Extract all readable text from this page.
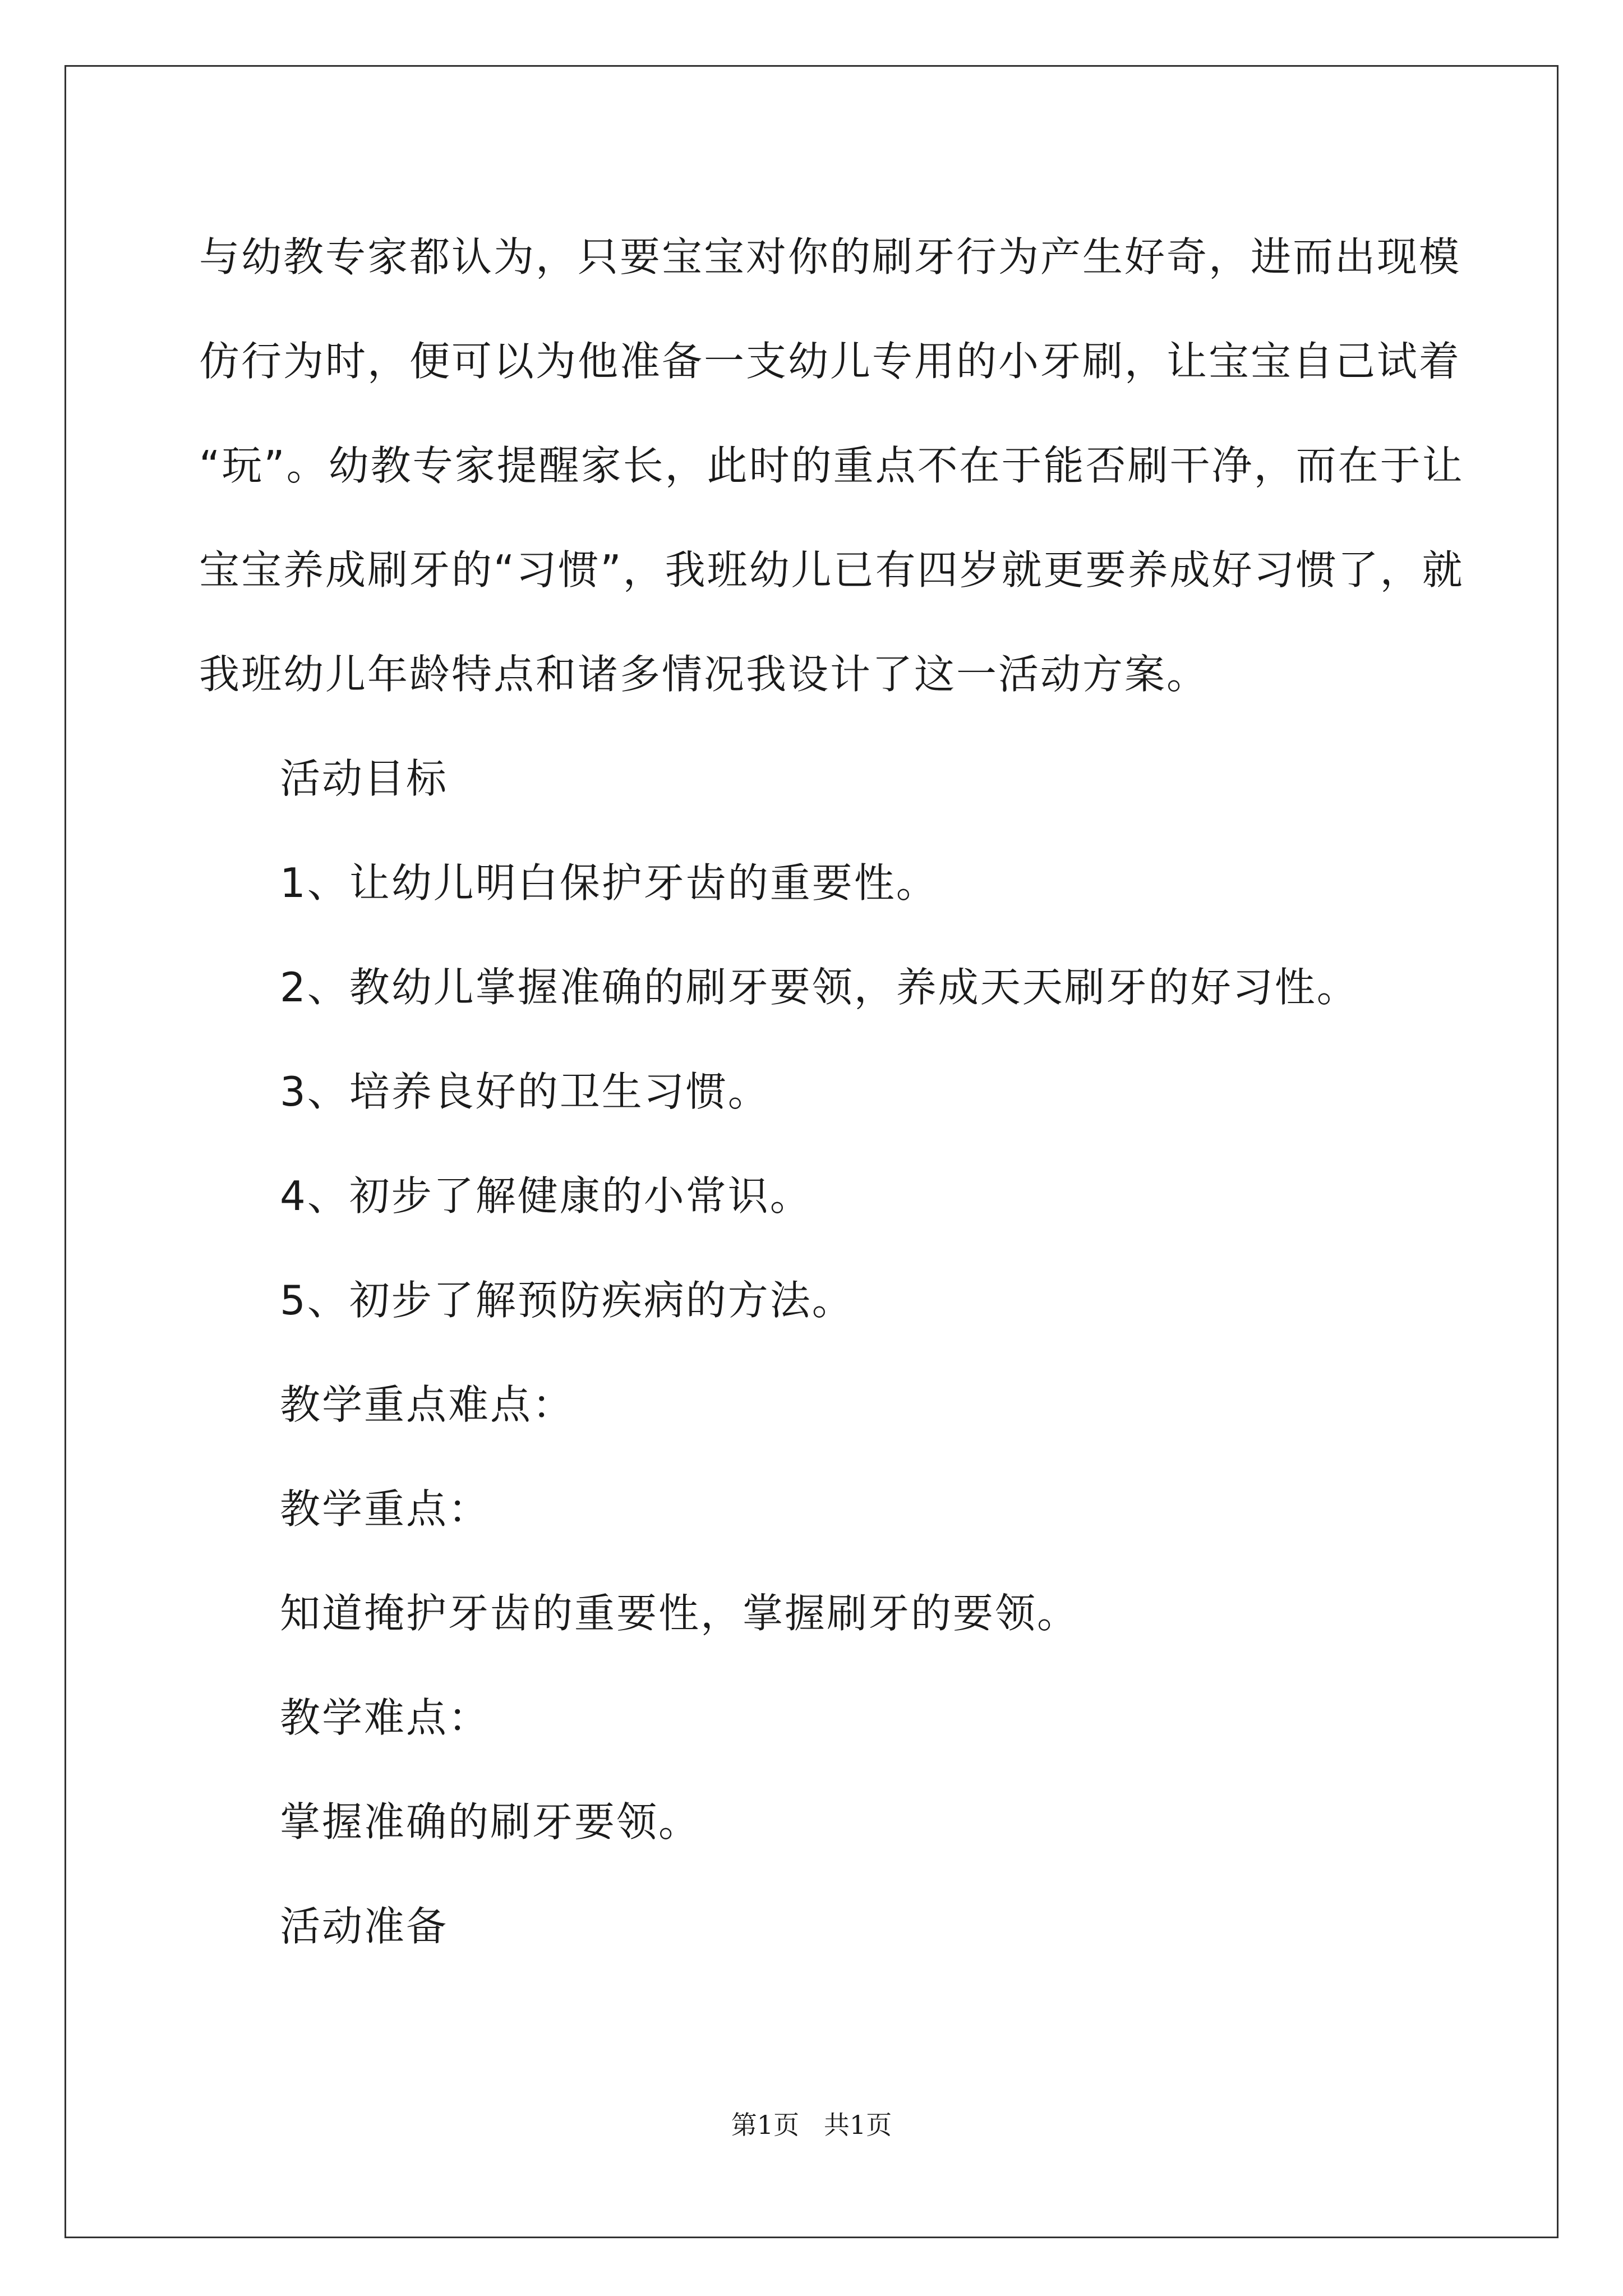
与幼教专家都认为，只要宝宝对你的刷牙行为产生好奇，进而出现模
仿行为时，便可以为他准备一支幼儿专用的小牙刷，让宝宝自己试着
“玩”。幼教专家提醒家长，此时的重点不在于能否刷干净，而在于让
宝宝养成刷牙的“习惯”，我班幼儿已有四岁就更要养成好习惯了，就
我班幼儿年龄特点和诸多情况我设计了这一活动方案。
活动目标
1、让幼儿明白保护牙齿的重要性。
2、教幼儿掌握准确的刷牙要领，养成天天刷牙的好习性。
3、培养良好的卫生习惯。
4、初步了解健康的小常识。
5、初步了解预防疾病的方法。
教学重点难点：
教学重点：
知道掩护牙齿的重要性，掌握刷牙的要领。
教学难点：
掌握准确的刷牙要领。
活动准备
第1页   共1页
